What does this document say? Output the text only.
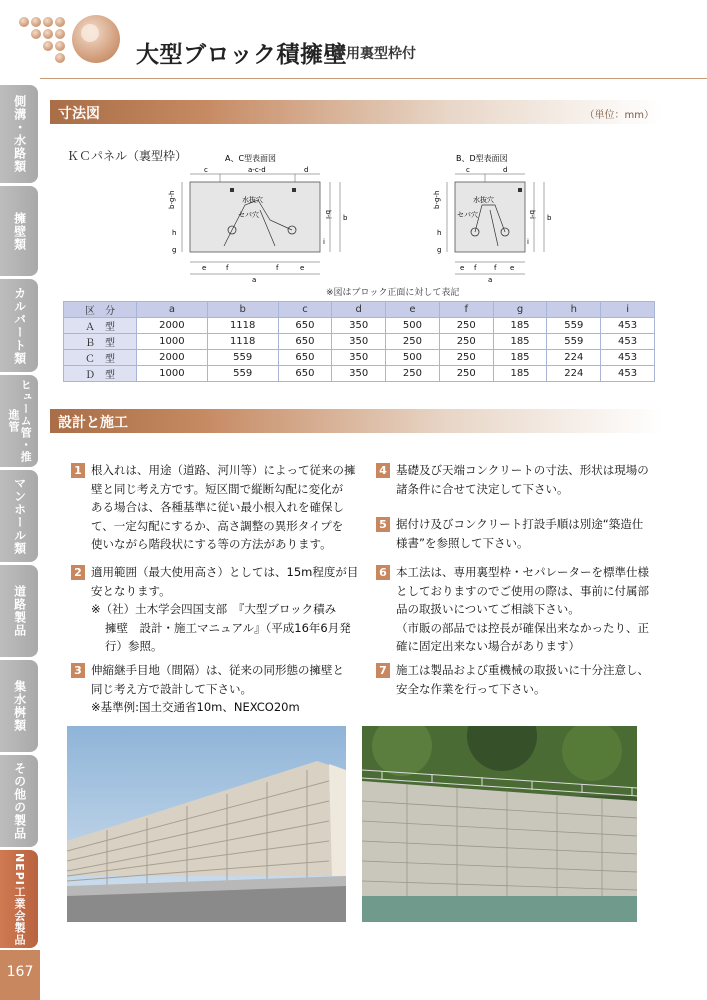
大型ブロック積擁壁
専用裏型枠付
側溝・水路類
擁壁類
カルバート類
ヒューム管・推進管
マンホール類
道路製品
集水桝類
その他の製品
NEPI工業会製品
167
寸法図	（単位：mm）
ＫＣパネル（裏型枠）	A、C型表面図
c	a-c-d	d
水抜穴
セパ穴
b-g-h
h
g
b-i
i
b
e	f	f	e
a
B、D型表面図
c	d
水抜穴
セパ穴
b-g-h
h
g
b-i
i
b
e f	f e
a
※図はブロック正面に対して表記
区　分	a	b	c	d	e	f	g	h	i
Ａ　型	2000	1118	650	350	500	250	185	559	453
Ｂ　型	1000	1118	650	350	250	250	185	559	453
Ｃ　型	2000	559	650	350	500	250	185	224	453
Ｄ　型	1000	559	650	350	250	250	185	224	453
設計と施工
1 根入れは、用途（道路、河川等）によって従来の擁

壁と同じ考え方です。短区間で縦断勾配に変化が

ある場合は、各種基準に従い最小根入れを確保し

て、一定勾配にするか、高さ調整の異形タイプを

使いながら階段状にする等の方法があります。

2 適用範囲（最大使用高さ）としては、15m程度が目

安となります。

※（社）土木学会四国支部　『大型ブロック積み

擁壁　設計・施工マニュアル』（平成16年6月発

行）参照。

3 伸縮継手目地（間隔）は、従来の同形態の擁壁と

同じ考え方で設計して下さい。

※基準例:国土交通省10m、NEXCO20m

4 基礎及び天端コンクリートの寸法、形状は現場の

諸条件に合せて決定して下さい。

5 据付け及びコンクリート打設手順は別途“築造仕

様書”を参照して下さい。

6 本工法は、専用裏型枠・セパレーターを標準仕様

としておりますのでご使用の際は、事前に付属部

品の取扱いについてご相談下さい。

（市販の部品では控長が確保出来なかったり、正

確に固定出来ない場合があります）

7 施工は製品および重機械の取扱いに十分注意し、

安全な作業を行って下さい。
